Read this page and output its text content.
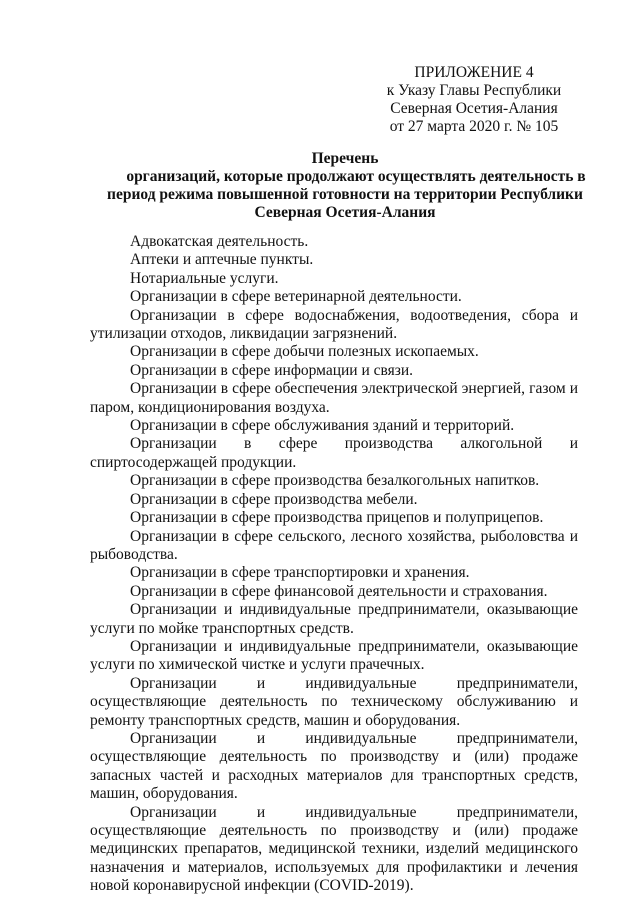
ПРИЛОЖЕНИЕ 4
к Указу Главы Республики
Северная Осетия-Алания
от 27 марта 2020 г. № 105
Перечень
организаций, которые продолжают осуществлять деятельность в период режима повышенной готовности на территории Республики Северная Осетия-Алания

Адвокатская деятельность.

Аптеки и аптечные пункты.

Нотариальные услуги.

Организации в сфере ветеринарной деятельности.

Организации в сфере водоснабжения, водоотведения, сбора и утилизации отходов, ликвидации загрязнений.

Организации в сфере добычи полезных ископаемых.

Организации в сфере информации и связи.

Организации в сфере обеспечения электрической энергией, газом и паром, кондиционирования воздуха.

Организации в сфере обслуживания зданий и территорий.

Организации в сфере производства алкогольной и спиртосодержащей продукции.

Организации в сфере производства безалкогольных напитков.

Организации в сфере производства мебели.

Организации в сфере производства прицепов и полуприцепов.

Организации в сфере сельского, лесного хозяйства, рыболовства и рыбоводства.

Организации в сфере транспортировки и хранения.

Организации в сфере финансовой деятельности и страхования.

Организации и индивидуальные предприниматели, оказывающие услуги по мойке транспортных средств.

Организации и индивидуальные предприниматели, оказывающие услуги по химической чистке и услуги прачечных.

Организации и индивидуальные предприниматели, осуществляющие деятельность по техническому обслуживанию и ремонту транспортных средств, машин и оборудования.

Организации и индивидуальные предприниматели, осуществляющие деятельность по производству и (или) продаже запасных частей и расходных материалов для транспортных средств, машин, оборудования.

Организации и индивидуальные предприниматели, осуществляющие деятельность по производству и (или) продаже медицинских препаратов, медицинской техники, изделий медицинского назначения и материалов, используемых для профилактики и лечения новой коронавирусной инфекции (COVID-2019).
